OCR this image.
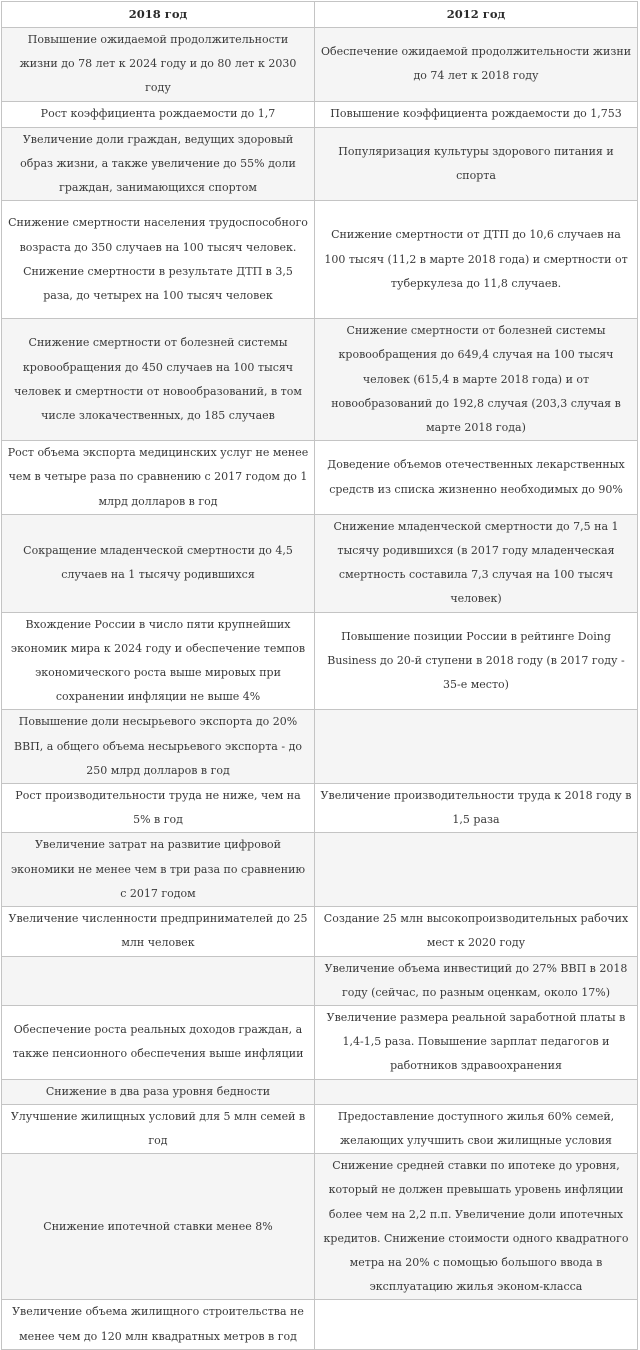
2018 год	2012 год
Повышение ожидаемой продолжительности жизни до 78 лет к 2024 году и до 80 лет к 2030 году	Обеспечение ожидаемой продолжительности жизни до 74 лет к 2018 году
Рост коэффициента рождаемости до 1,7	Повышение коэффициента рождаемости до 1,753
Увеличение доли граждан, ведущих здоровый образ жизни, а также увеличение до 55% доли граждан, занимающихся спортом	Популяризация культуры здорового питания и спорта
Снижение смертности населения трудоспособного возраста до 350 случаев на 100 тысяч человек. Снижение смертности в результате ДТП в 3,5 раза, до четырех на 100 тысяч человек	Снижение смертности от ДТП до 10,6 случаев на 100 тысяч (11,2 в марте 2018 года) и смертности от туберкулеза до 11,8 случаев.
Снижение смертности от болезней системы кровообращения до 450 случаев на 100 тысяч человек и смертности от новообразований, в том числе злокачественных, до 185 случаев	Снижение смертности от болезней системы кровообращения до 649,4 случая на 100 тысяч человек (615,4 в марте 2018 года) и от новообразований до 192,8 случая (203,3 случая в марте 2018 года)
Рост объема экспорта медицинских услуг не менее чем в четыре раза по сравнению с 2017 годом до 1 млрд долларов в год	Доведение объемов отечественных лекарственных средств из списка жизненно необходимых до 90%
Сокращение младенческой смертности до 4,5 случаев на 1 тысячу родившихся	Снижение младенческой смертности до 7,5 на 1 тысячу родившихся (в 2017 году младенческая смертность составила 7,3 случая на 100 тысяч человек)
Вхождение России в число пяти крупнейших экономик мира к 2024 году и обеспечение темпов экономического роста выше мировых при сохранении инфляции не выше 4%	Повышение позиции России в рейтинге Doing Business до 20-й ступени в 2018 году (в 2017 году - 35-е место)
Повышение доли несырьевого экспорта до 20% ВВП, а общего объема несырьевого экспорта - до 250 млрд долларов в год	
Рост производительности труда не ниже, чем на 5% в год	Увеличение производительности труда к 2018 году в 1,5 раза
Увеличение затрат на развитие цифровой экономики не менее чем в три раза по сравнению с 2017 годом	
Увеличение численности предпринимателей до 25 млн человек	Создание 25 млн высокопроизводительных рабочих мест к 2020 году
	Увеличение объема инвестиций до 27% ВВП в 2018 году (сейчас, по разным оценкам, около 17%)
Обеспечение роста реальных доходов граждан, а также пенсионного обеспечения выше инфляции	Увеличение размера реальной заработной платы в 1,4-1,5 раза. Повышение зарплат педагогов и работников здравоохранения
Снижение в два раза уровня бедности	
Улучшение жилищных условий для 5 млн семей в год	Предоставление доступного жилья 60% семей, желающих улучшить свои жилищные условия
Снижение ипотечной ставки менее 8%	Снижение средней ставки по ипотеке до уровня, который не должен превышать уровень инфляции более чем на 2,2 п.п. Увеличение доли ипотечных кредитов. Снижение стоимости одного квадратного метра на 20% с помощью большого ввода в эксплуатацию жилья эконом-класса
Увеличение объема жилищного строительства не менее чем до 120 млн квадратных метров в год	
